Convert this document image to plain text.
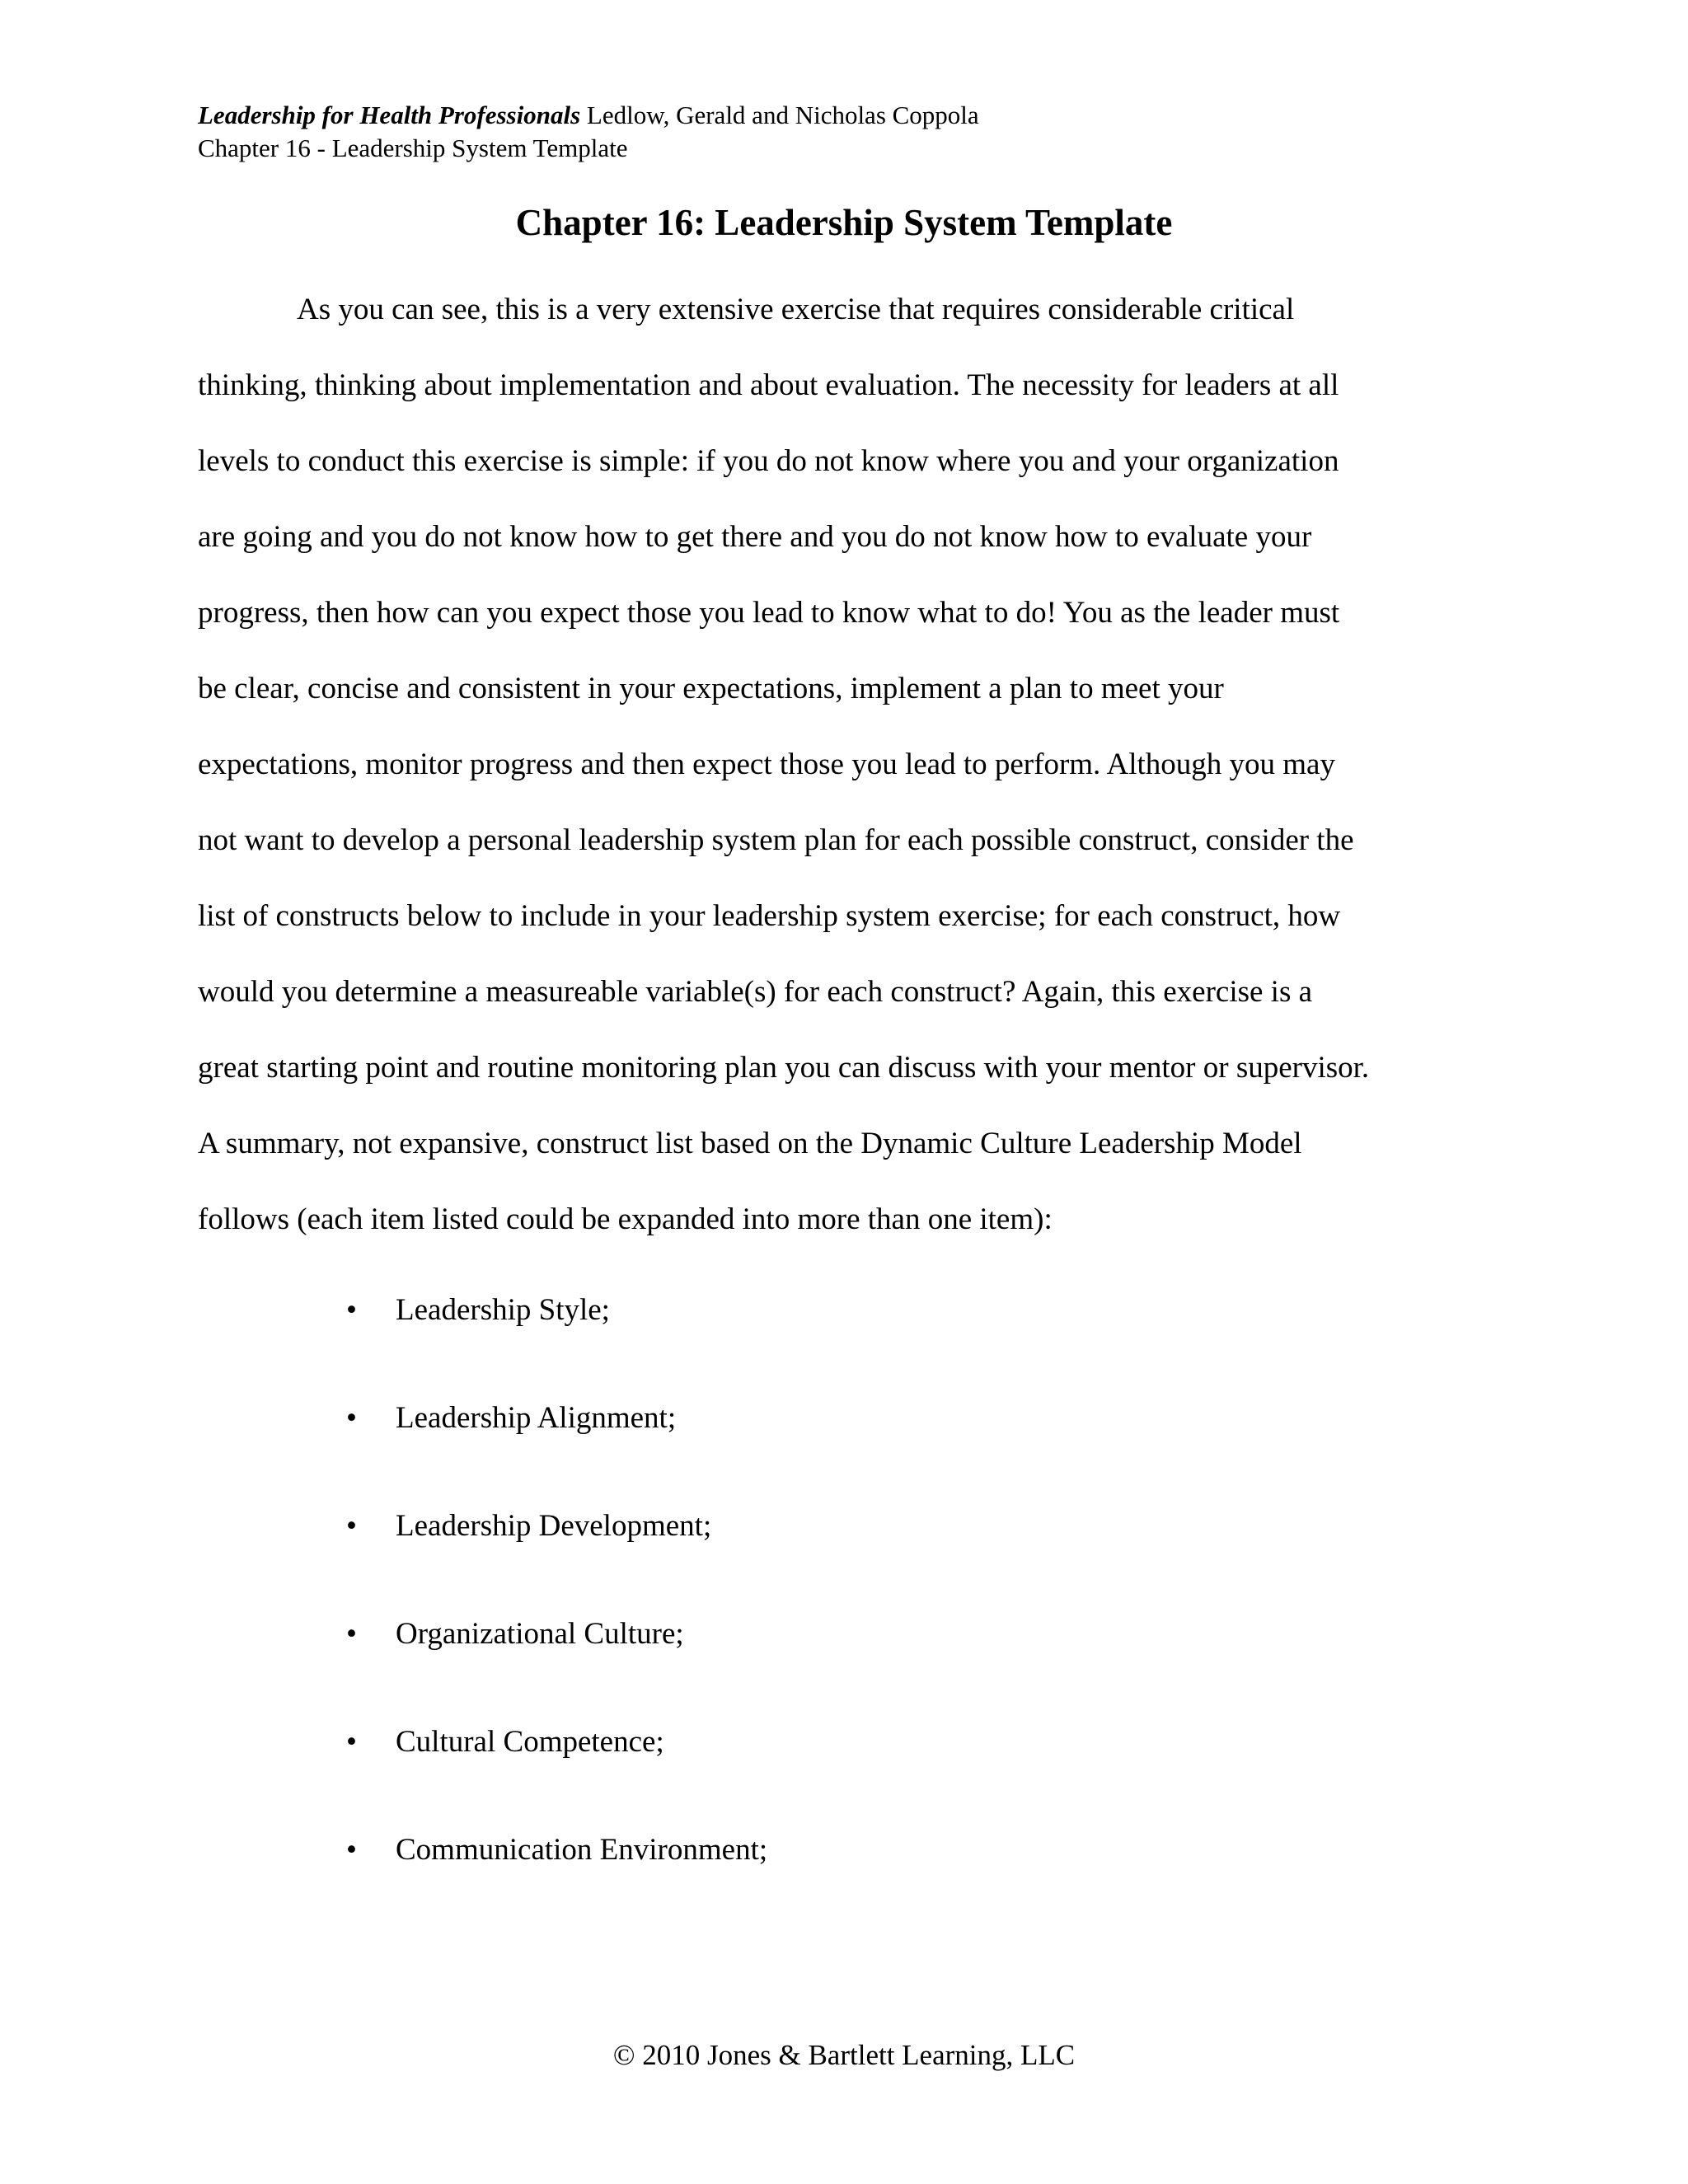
Leadership for Health Professionals Ledlow, Gerald and Nicholas Coppola
Chapter 16 - Leadership System Template
Chapter 16: Leadership System Template

As you can see, this is a very extensive exercise that requires considerable critical
thinking, thinking about implementation and about evaluation. The necessity for leaders at all
levels to conduct this exercise is simple: if you do not know where you and your organization
are going and you do not know how to get there and you do not know how to evaluate your
progress, then how can you expect those you lead to know what to do! You as the leader must
be clear, concise and consistent in your expectations, implement a plan to meet your
expectations, monitor progress and then expect those you lead to perform. Although you may
not want to develop a personal leadership system plan for each possible construct, consider the
list of constructs below to include in your leadership system exercise; for each construct, how
would you determine a measureable variable(s) for each construct? Again, this exercise is a
great starting point and routine monitoring plan you can discuss with your mentor or supervisor.
A summary, not expansive, construct list based on the Dynamic Culture Leadership Model
follows (each item listed could be expanded into more than one item):

•	Leadership Style;
•	Leadership Alignment;
•	Leadership Development;
•	Organizational Culture;
•	Cultural Competence;
•	Communication Environment;
© 2010 Jones & Bartlett Learning, LLC
